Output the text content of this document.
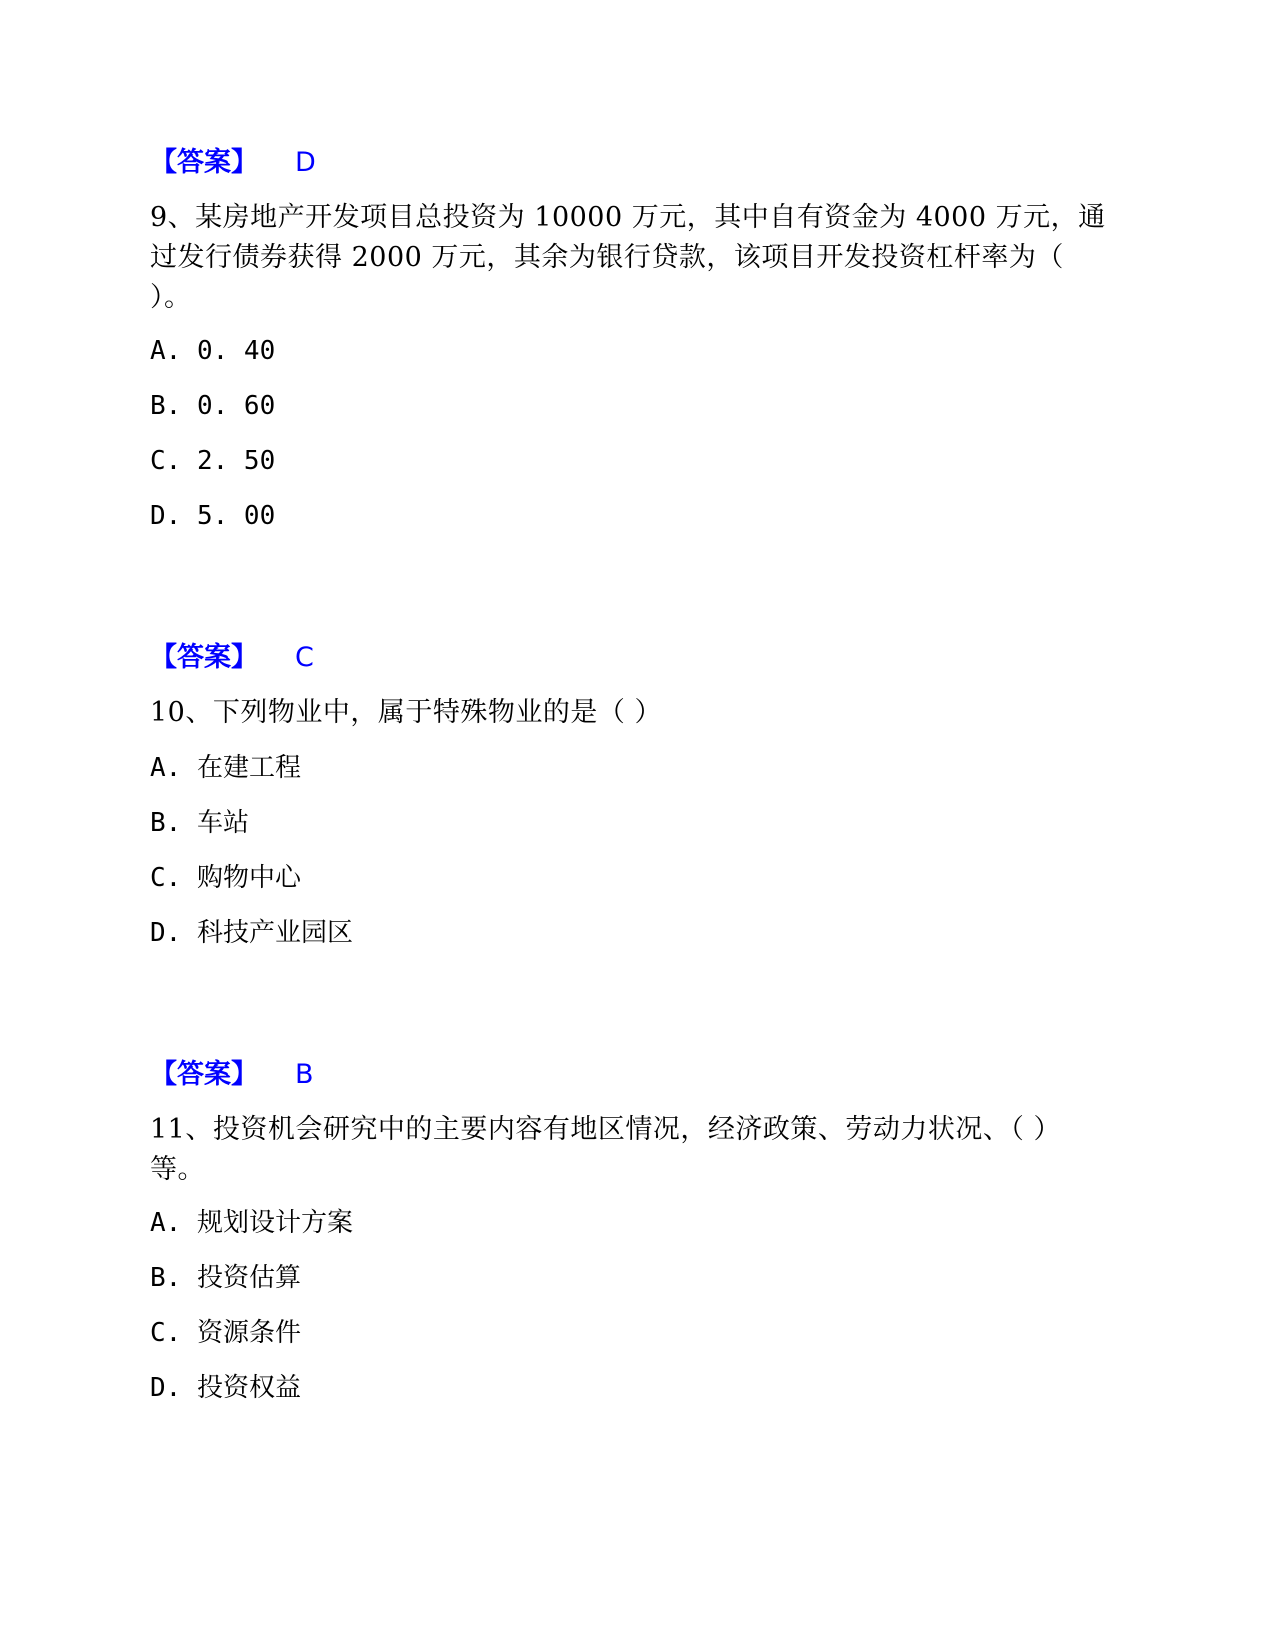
【答案】 D
9、某房地产开发项目总投资为 10000 万元，其中自有资金为 4000 万元，通
过发行债券获得 2000 万元，其余为银行贷款，该项目开发投资杠杆率为（
）。
A. 0. 40
B. 0. 60
C. 2. 50
D. 5. 00
【答案】 C
10、下列物业中，属于特殊物业的是（ ）
A. 在建工程
B. 车站
C. 购物中心
D. 科技产业园区
【答案】 B
11、投资机会研究中的主要内容有地区情况，经济政策、劳动力状况、（ ）
等。
A. 规划设计方案
B. 投资估算
C. 资源条件
D. 投资权益
